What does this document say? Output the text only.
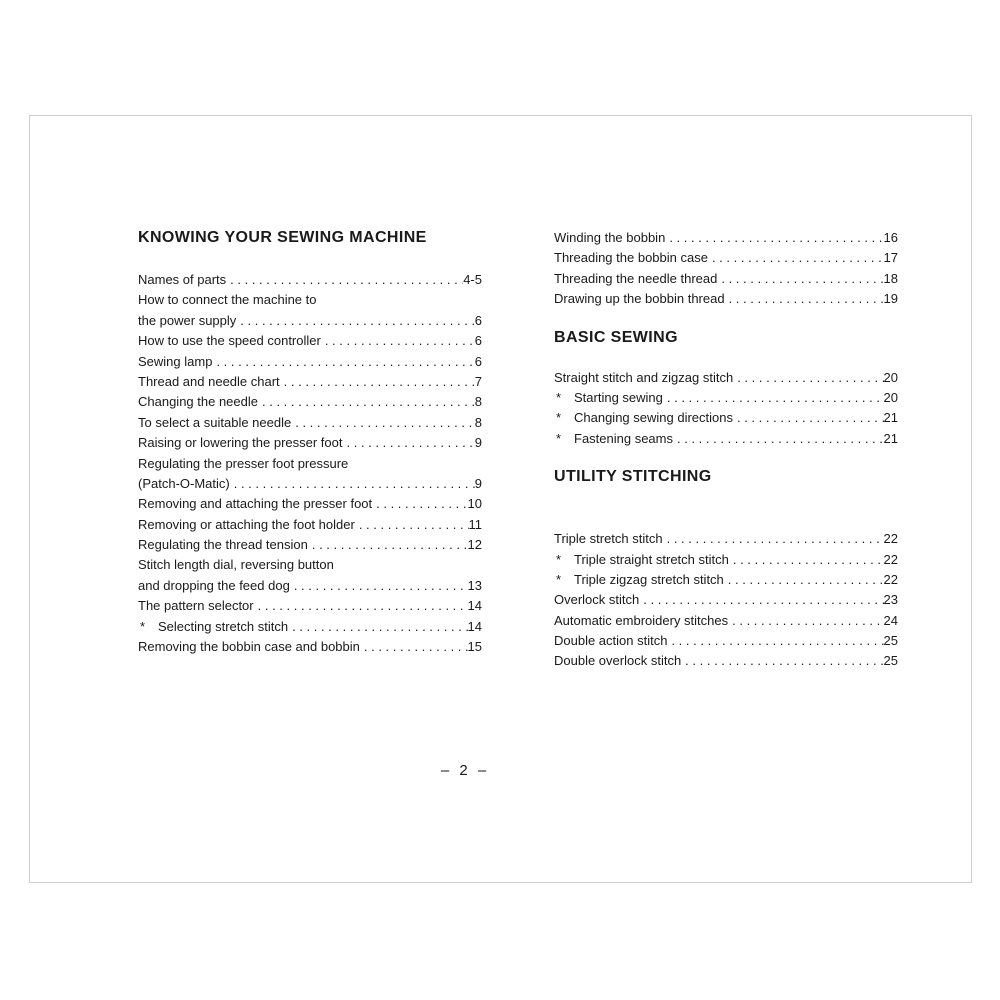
KNOWING YOUR SEWING MACHINE
Names of parts . . .	4-5
How to connect the machine to
the power supply . . .	6
How to use the speed controller . . .	6
Sewing lamp . . .	6
Thread and needle chart . . .	7
Changing the needle . . .	8
To select a suitable needle . . .	8
Raising or lowering the presser foot . . .	9
Regulating the presser foot pressure
(Patch-O-Matic) . . .	9
Removing and attaching the presser foot . . .	10
Removing or attaching the foot holder . . .	11
Regulating the thread tension . . .	12
Stitch length dial, reversing button
and dropping the feed dog . . .	13
The pattern selector . . .	14
* Selecting stretch stitch . . .	14
Removing the bobbin case and bobbin . . .	15
Winding the bobbin . . .	16
Threading the bobbin case . . .	17
Threading the needle thread . . .	18
Drawing up the bobbin thread . . .	19
BASIC SEWING
Straight stitch and zigzag stitch . . .	20
* Starting sewing . . .	20
* Changing sewing directions . . .	21
* Fastening seams . . .	21
UTILITY STITCHING
Triple stretch stitch . . .	22
* Triple straight stretch stitch . . .	22
* Triple zigzag stretch stitch . . .	22
Overlock stitch . . .	23
Automatic embroidery stitches . . .	24
Double action stitch . . .	25
Double overlock stitch . . .	25
– 2 –
